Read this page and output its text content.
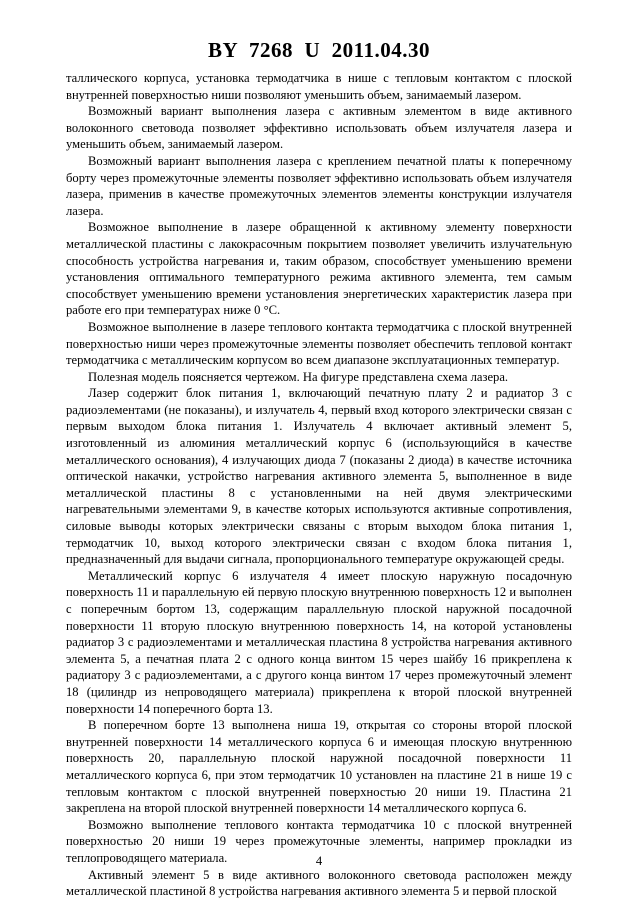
BY  7268  U  2011.04.30

таллического корпуса, установка термодатчика в нише с тепловым контактом с плоской внутренней поверхностью ниши позволяют уменьшить объем, занимаемый лазером.

Возможный вариант выполнения лазера с активным элементом в виде активного волоконного световода позволяет эффективно использовать объем излучателя лазера и уменьшить объем, занимаемый лазером.

Возможный вариант выполнения лазера с креплением печатной платы к поперечному борту через промежуточные элементы позволяет эффективно использовать объем излучателя лазера, применив в качестве промежуточных элементов элементы конструкции излучателя лазера.

Возможное выполнение в лазере обращенной к активному элементу поверхности металлической пластины с лакокрасочным покрытием позволяет увеличить излучательную способность устройства нагревания и, таким образом, способствует уменьшению времени установления оптимального температурного режима активного элемента, тем самым способствует уменьшению времени установления энергетических характеристик лазера при работе его при температурах ниже 0 °С.

Возможное выполнение в лазере теплового контакта термодатчика с плоской внутренней поверхностью ниши через промежуточные элементы позволяет обеспечить тепловой контакт термодатчика с металлическим корпусом во всем диапазоне эксплуатационных температур.

Полезная модель поясняется чертежом. На фигуре представлена схема лазера.

Лазер содержит блок питания 1, включающий печатную плату 2 и радиатор 3 с радиоэлементами (не показаны), и излучатель 4, первый вход которого электрически связан с первым выходом блока питания 1. Излучатель 4 включает активный элемент 5, изготовленный из алюминия металлический корпус 6 (использующийся в качестве металлического основания), 4 излучающих диода 7 (показаны 2 диода) в качестве источника оптической накачки, устройство нагревания активного элемента 5, выполненное в виде металлической пластины 8 с установленными на ней двумя электрическими нагревательными элементами 9, в качестве которых используются активные сопротивления, силовые выводы которых электрически связаны с вторым выходом блока питания 1, термодатчик 10, выход которого электрически связан с входом блока питания 1, предназначенный для выдачи сигнала, пропорционального температуре окружающей среды.

Металлический корпус 6 излучателя 4 имеет плоскую наружную посадочную поверхность 11 и параллельную ей первую плоскую внутреннюю поверхность 12 и выполнен с поперечным бортом 13, содержащим параллельную плоской наружной посадочной поверхности 11 вторую плоскую внутреннюю поверхность 14, на которой установлены радиатор 3 с радиоэлементами и металлическая пластина 8 устройства нагревания активного элемента 5, а печатная плата 2 с одного конца винтом 15 через шайбу 16 прикреплена к радиатору 3 с радиоэлементами, а с другого конца винтом 17 через промежуточный элемент 18 (цилиндр из непроводящего материала) прикреплена к второй плоской внутренней поверхности 14 поперечного борта 13.

В поперечном борте 13 выполнена ниша 19, открытая со стороны второй плоской внутренней поверхности 14 металлического корпуса 6 и имеющая плоскую внутреннюю поверхность 20, параллельную плоской наружной посадочной поверхности 11 металлического корпуса 6, при этом термодатчик 10 установлен на пластине 21 в нише 19 с тепловым контактом с плоской внутренней поверхностью 20 ниши 19. Пластина 21 закреплена на второй плоской внутренней поверхности 14 металлического корпуса 6.

Возможно выполнение теплового контакта термодатчика 10 с плоской внутренней поверхностью 20 ниши 19 через промежуточные элементы, например прокладки из теплопроводящего материала.

Активный элемент 5 в виде активного волоконного световода расположен между металлической пластиной 8 устройства нагревания активного элемента 5 и первой плоской

4
